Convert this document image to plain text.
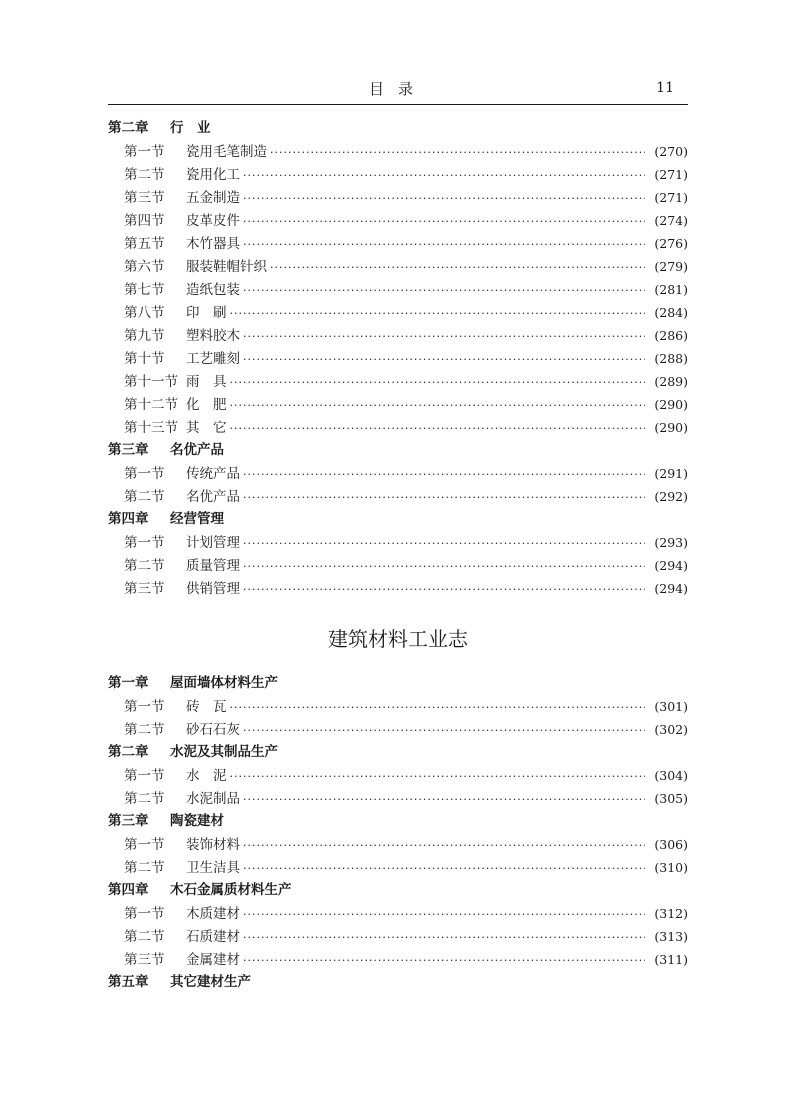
目录	11
第二章 行　业
第一节	瓷用毛笔制造 ·····	(270)
第二节	瓷用化工 ·····	(271)
第三节	五金制造 ·····	(271)
第四节	皮革皮件 ·····	(274)
第五节	木竹器具 ·····	(276)
第六节	服装鞋帽针织 ·····	(279)
第七节	造纸包装 ·····	(281)
第八节	印　刷 ·····	(284)
第九节	塑料胶木 ·····	(286)
第十节	工艺雕刻 ·····	(288)
第十一节 雨　具 ·····	(289)
第十二节 化　肥 ·····	(290)
第十三节 其　它 ·····	(290)
第三章 名优产品
第一节	传统产品 ·····	(291)
第二节	名优产品 ·····	(292)
第四章 经营管理
第一节	计划管理 ·····	(293)
第二节	质量管理 ·····	(294)
第三节	供销管理 ·····	(294)
建筑材料工业志
第一章 屋面墙体材料生产
第一节	砖　瓦 ·····	(301)
第二节	砂石石灰 ·····	(302)
第二章 水泥及其制品生产
第一节	水　泥 ·····	(304)
第二节	水泥制品 ·····	(305)
第三章 陶瓷建材
第一节	装饰材料 ·····	(306)
第二节	卫生洁具 ·····	(310)
第四章 木石金属质材料生产
第一节	木质建材 ·····	(312)
第二节	石质建材 ·····	(313)
第三节	金属建材 ·····	(311)
第五章 其它建材生产
